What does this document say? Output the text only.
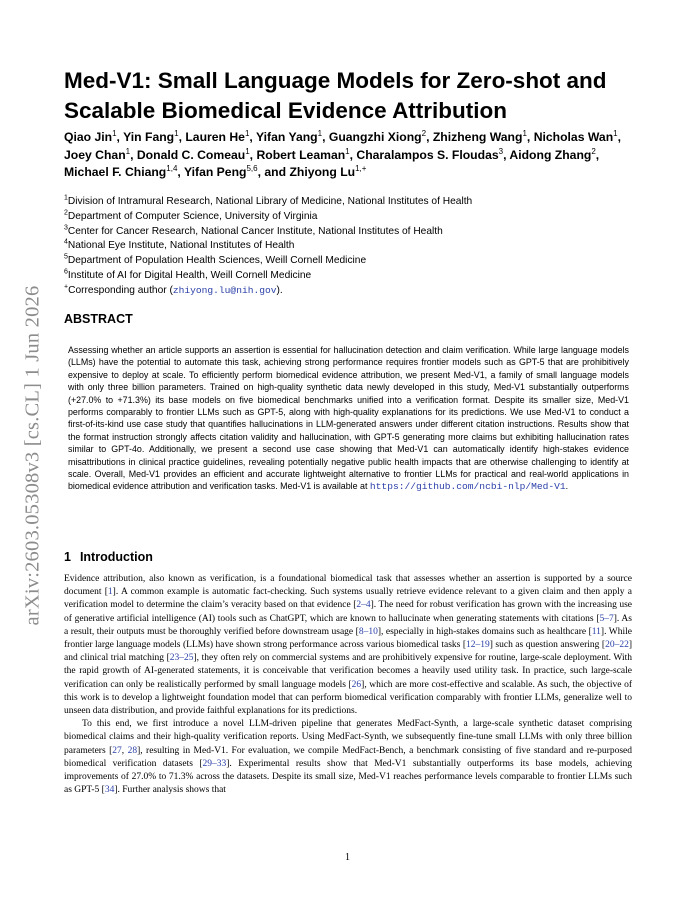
arXiv:2603.05308v3 [cs.CL] 1 Jun 2026
Med-V1: Small Language Models for Zero-shot and Scalable Biomedical Evidence Attribution
Qiao Jin$^1$, Yin Fang$^1$, Lauren He$^1$, Yifan Yang$^1$, Guangzhi Xiong$^2$, Zhizheng Wang$^1$, Nicholas Wan$^1$, Joey Chan$^1$, Donald C. Comeau$^1$, Robert Leaman$^1$, Charalampos S. Floudas$^3$, Aidong Zhang$^2$, Michael F. Chiang$^{1,4}$, Yifan Peng$^{5,6}$, and Zhiyong $Lu^{1,+}$
$^1$Division of Intramural Research, National Library of Medicine, National Institutes of Health
$^2$Department of Computer Science, University of Virginia
$^3$Center for Cancer Research, National Cancer Institute, National Institutes of Health
$^4$National Eye Institute, National Institutes of Health
$^5$Department of Population Health Sciences, Weill Cornell Medicine
$^6$Institute of AI for Digital Health, Weill Cornell Medicine
+Corresponding author (zhiyong.lu@nih.gov).
ABSTRACT
Assessing whether an article supports an assertion is essential for hallucination detection and claim verification. While large language models (LLMs) have the potential to automate this task, achieving strong performance requires frontier models such as GPT-5 that are prohibitively expensive to deploy at scale. To efficiently perform biomedical evidence attribution, we present Med-V1, a family of small language models with only three billion parameters. Trained on high-quality synthetic data newly developed in this study, Med-V1 substantially outperforms (+27.0% to +71.3%) its base models on five biomedical benchmarks unified into a verification format. Despite its smaller size, Med-V1 performs comparably to frontier LLMs such as GPT-5, along with high-quality explanations for its predictions. We use Med-V1 to conduct a first-of-its-kind use case study that quantifies hallucinations in LLM-generated answers under different citation instructions. Results show that the format instruction strongly affects citation validity and hallucination, with GPT-5 generating more claims but exhibiting hallucination rates similar to GPT-4o. Additionally, we present a second use case showing that Med-V1 can automatically identify high-stakes evidence misattributions in clinical practice guidelines, revealing potentially negative public health impacts that are otherwise challenging to identify at scale. Overall, Med-V1 provides an efficient and accurate lightweight alternative to frontier LLMs for practical and real-world applications in biomedical evidence attribution and verification tasks. Med-V1 is available at https://github.com/ncbi-nlp/Med-V1.
1 Introduction

Evidence attribution, also known as verification, is a foundational biomedical task that assesses whether an assertion is supported by a source document [1]. A common example is automatic fact-checking. Such systems usually retrieve evidence relevant to a given claim and then apply a verification model to determine the claim’s veracity based on that evidence [2–4]. The need for robust verification has grown with the increasing use of generative artificial intelligence (AI) tools such as ChatGPT, which are known to hallucinate when generating statements with citations [5–7]. As a result, their outputs must be thoroughly verified before downstream usage [8–10], especially in high-stakes domains such as healthcare [11]. While frontier large language models (LLMs) have shown strong performance across various biomedical tasks [12–19] such as question answering [20–22] and clinical trial matching [23–25], they often rely on commercial systems and are prohibitively expensive for routine, large-scale deployment. With the rapid growth of AI-generated statements, it is conceivable that verification becomes a heavily used utility task. In practice, such large-scale verification can only be realistically performed by small language models [26], which are more cost-effective and scalable. As such, the objective of this work is to develop a lightweight foundation model that can perform biomedical verification comparably with frontier LLMs, generalize well to unseen data distribution, and provide faithful explanations for its predictions.

To this end, we first introduce a novel LLM-driven pipeline that generates MedFact-Synth, a large-scale synthetic dataset comprising biomedical claims and their high-quality verification reports. Using MedFact-Synth, we subsequently fine-tune small LLMs with only three billion parameters [27, 28], resulting in Med-V1. For evaluation, we compile MedFact-Bench, a benchmark consisting of five standard and re-purposed biomedical verification datasets [29–33]. Experimental results show that Med-V1 substantially outperforms its base models, achieving improvements of 27.0% to 71.3% across the datasets. Despite its small size, Med-V1 reaches performance levels comparable to frontier LLMs such as GPT-5 [34]. Further analysis shows that

1
